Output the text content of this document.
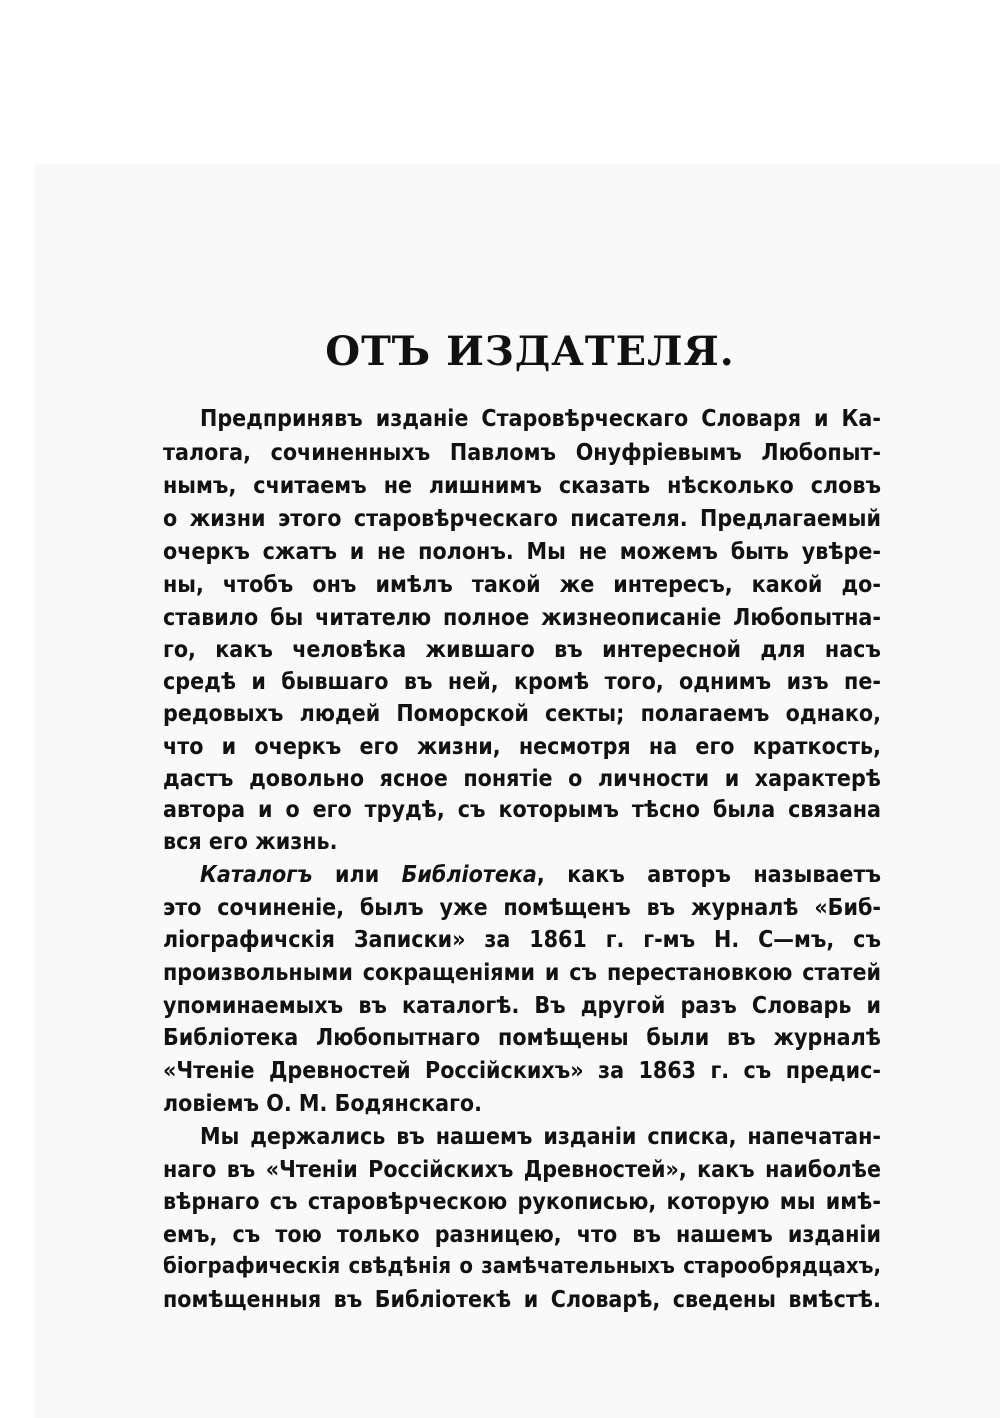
ОТЪ ИЗДАТЕЛЯ.

Предпринявъ изданіе Старовѣрческаго Словаря и Ка-

талога, сочиненныхъ Павломъ Онуфріевымъ Любопыт-

нымъ, считаемъ не лишнимъ сказать нѣсколько словъ

о жизни этого старовѣрческаго писателя. Предлагаемый

очеркъ сжатъ и не полонъ. Мы не можемъ быть увѣре-

ны, чтобъ онъ имѣлъ такой же интересъ, какой до-

ставило бы читателю полное жизнеописаніе Любопытна-

го, какъ человѣка жившаго въ интересной для насъ

средѣ и бывшаго въ ней, кромѣ того, однимъ изъ пе-

редовыхъ людей Поморской секты; полагаемъ однако,

что и очеркъ его жизни, несмотря на его краткость,

дастъ довольно ясное понятіе о личности и характерѣ

автора и о его трудѣ, съ которымъ тѣсно была связана

вся его жизнь.

Каталогъ или Библіотека, какъ авторъ называетъ

это сочиненіе, былъ уже помѣщенъ въ журналѣ «Биб-

ліографичскія Записки» за 1861 г. г-мъ Н. С—мъ, съ

произвольными сокращеніями и съ перестановкою статей

упоминаемыхъ въ каталогѣ. Въ другой разъ Словарь и

Библіотека Любопытнаго помѣщены были въ журналѣ

«Чтеніе Древностей Россійскихъ» за 1863 г. съ предис-

ловіемъ О. М. Бодянскаго.

Мы держались въ нашемъ изданіи списка, напечатан-

наго въ «Чтеніи Россійскихъ Древностей», какъ наиболѣе

вѣрнаго съ старовѣрческою рукописью, которую мы имѣ-

емъ, съ тою только разницею, что въ нашемъ изданіи

біографическія свѣдѣнія о замѣчательныхъ старообрядцахъ,

помѣщенныя въ Библіотекѣ и Словарѣ, сведены вмѣстѣ.
